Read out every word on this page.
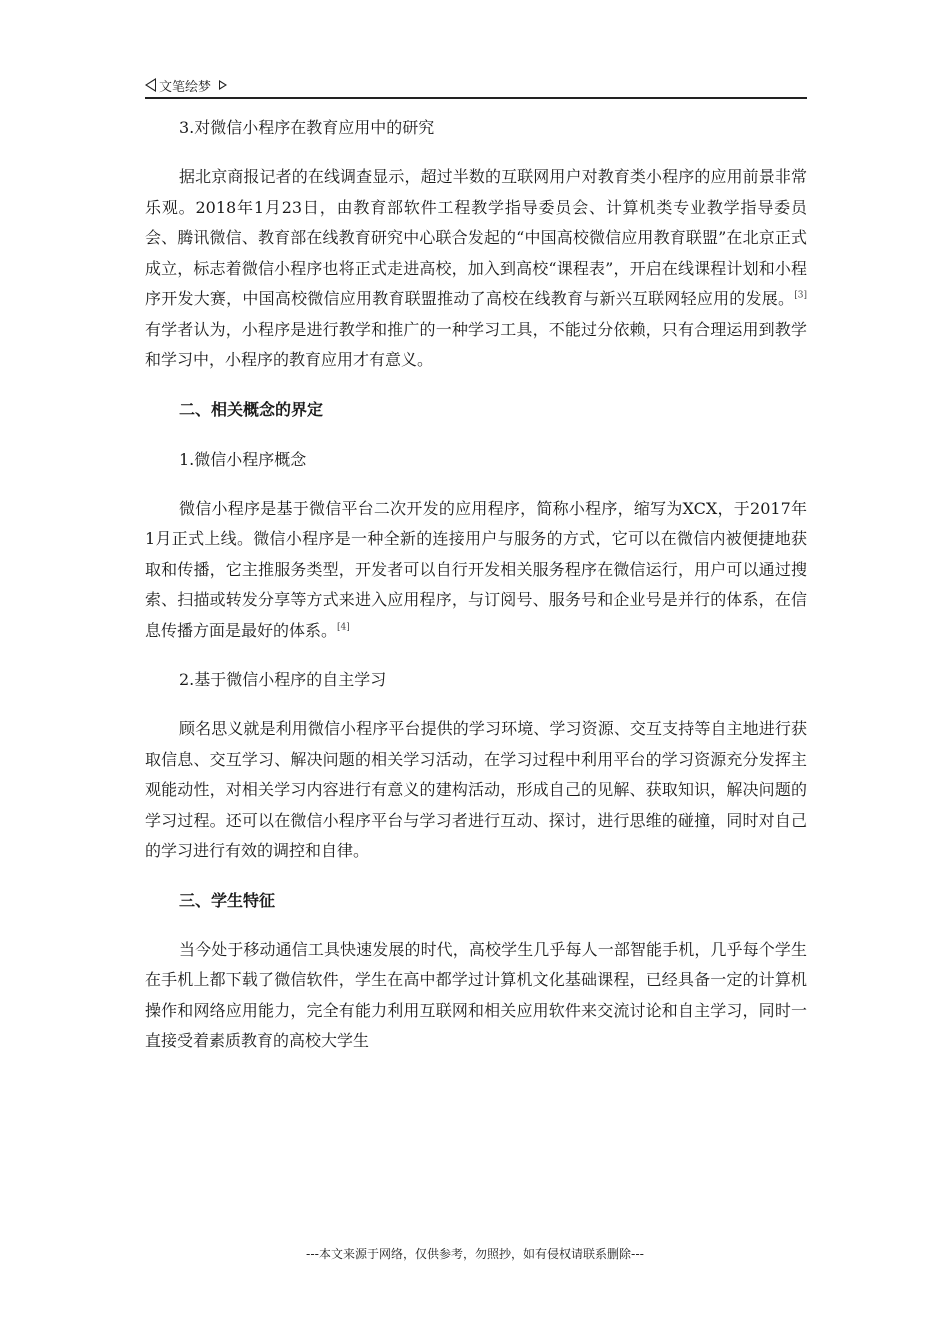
文笔绘梦

3.对微信小程序在教育应用中的研究

据北京商报记者的在线调查显示，超过半数的互联网用户对教育类小程序的应用前景非常乐观。2018年1月23日，由教育部软件工程教学指导委员会、计算机类专业教学指导委员会、腾讯微信、教育部在线教育研究中心联合发起的“中国高校微信应用教育联盟”在北京正式成立，标志着微信小程序也将正式走进高校，加入到高校“课程表”，开启在线课程计划和小程序开发大赛，中国高校微信应用教育联盟推动了高校在线教育与新兴互联网轻应用的发展。[3]有学者认为，小程序是进行教学和推广的一种学习工具，不能过分依赖，只有合理运用到教学和学习中，小程序的教育应用才有意义。

二、相关概念的界定

1.微信小程序概念

微信小程序是基于微信平台二次开发的应用程序，简称小程序，缩写为XCX，于2017年1月正式上线。微信小程序是一种全新的连接用户与服务的方式，它可以在微信内被便捷地获取和传播，它主推服务类型，开发者可以自行开发相关服务程序在微信运行，用户可以通过搜索、扫描或转发分享等方式来进入应用程序，与订阅号、服务号和企业号是并行的体系，在信息传播方面是最好的体系。[4]

2.基于微信小程序的自主学习

顾名思义就是利用微信小程序平台提供的学习环境、学习资源、交互支持等自主地进行获取信息、交互学习、解决问题的相关学习活动，在学习过程中利用平台的学习资源充分发挥主观能动性，对相关学习内容进行有意义的建构活动，形成自己的见解、获取知识，解决问题的学习过程。还可以在微信小程序平台与学习者进行互动、探讨，进行思维的碰撞，同时对自己的学习进行有效的调控和自律。

三、学生特征

当今处于移动通信工具快速发展的时代，高校学生几乎每人一部智能手机，几乎每个学生在手机上都下载了微信软件，学生在高中都学过计算机文化基础课程，已经具备一定的计算机操作和网络应用能力，完全有能力利用互联网和相关应用软件来交流讨论和自主学习，同时一直接受着素质教育的高校大学生

---本文来源于网络，仅供参考，勿照抄，如有侵权请联系删除---
